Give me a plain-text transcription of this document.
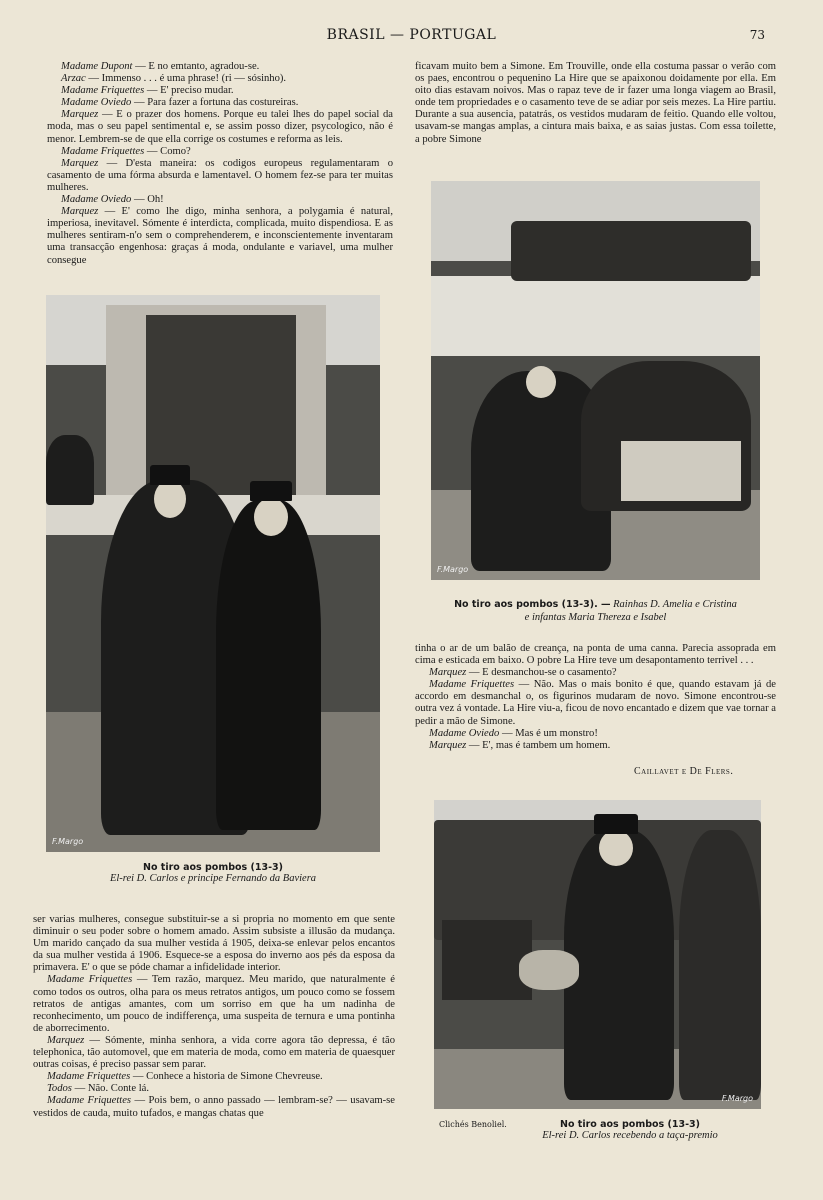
BRASIL — PORTUGAL	73

Madame Dupont — E no emtanto, agradou-se.

Arzac — Immenso . . . é uma phrase! (ri — sósinho).

Madame Friquettes — E' preciso mudar.

Madame Oviedo — Para fazer a fortuna das costureiras.

Marquez — E o prazer dos homens. Porque eu talei lhes do papel social da moda, mas o seu papel sentimental e, se assim posso dizer, psycologico, não é menor. Lembrem-se de que ella corrige os costumes e reforma as leis.

Madame Friquettes — Como?

Marquez — D'esta maneira: os codigos europeus regulamentaram o casamento de uma fórma absurda e lamentavel. O homem fez-se para ter muitas mulheres.

Madame Oviedo — Oh!

Marquez — E' como lhe digo, minha senhora, a polygamia é natural, imperiosa, inevitavel. Sómente é interdicta, complicada, muito dispendiosa. E as mulheres sentiram-n'o sem o comprehenderem, e inconscientemente inventaram uma transacção engenhosa: graças á moda, ondulante e variavel, uma mulher consegue

F.Margo
No tiro aos pombos (13-3)
El-rei D. Carlos e principe Fernando da Baviera

ser varias mulheres, consegue substituir-se a si propria no momento em que sente diminuir o seu poder sobre o homem amado. Assim subsiste a illusão da mudança. Um marido cançado da sua mulher vestida á 1905, deixa-se enlevar pelos encantos da sua mulher vestida á 1906. Esquece-se a esposa do inverno aos pés da esposa da primavera. E' o que se póde chamar a infidelidade interior.

Madame Friquettes — Tem razão, marquez. Meu marido, que naturalmente é como todos os outros, olha para os meus retratos antigos, um pouco como se fossem retratos de antigas amantes, com um sorriso em que ha um nadinha de reconhecimento, um pouco de indifferença, uma suspeita de ternura e uma pontinha de aborrecimento.

Marquez — Sómente, minha senhora, a vida corre agora tão depressa, é tão telephonica, tão automovel, que em materia de moda, como em materia de quaesquer outras coisas, é preciso passar sem parar.

Madame Friquettes — Conhece a historia de Simone Chevreuse.

Todos — Não. Conte lá.

Madame Friquettes — Pois bem, o anno passado — lembram-se? — usavam-se vestidos de cauda, muito tufados, e mangas chatas que

ficavam muito bem a Simone. Em Trouville, onde ella costuma passar o verão com os paes, encontrou o pequenino La Hire que se apaixonou doidamente por ella. Em oito dias estavam noivos. Mas o rapaz teve de ir fazer uma longa viagem ao Brasil, onde tem propriedades e o casamento teve de se adiar por seis mezes. La Hire partiu. Durante a sua ausencia, patatrás, os vestidos mudaram de feitio. Quando elle voltou, usavam-se mangas amplas, a cintura mais baixa, e as saias justas. Com essa toilette, a pobre Simone

F.Margo
No tiro aos pombos (13-3). — Rainhas D. Amelia e Cristina
e infantas Maria Thereza e Isabel

tinha o ar de um balão de creança, na ponta de uma canna. Parecia assoprada em cima e esticada em baixo. O pobre La Hire teve um desapontamento terrivel . . .

Marquez — E desmanchou-se o casamento?

Madame Friquettes — Não. Mas o mais bonito é que, quando estavam já de accordo em desmanchal o, os figurinos mudaram de novo. Simone encontrou-se outra vez á vontade. La Hire viu-a, ficou de novo encantado e dizem que vae tornar a pedir a mão de Simone.

Madame Oviedo — Mas é um monstro!

Marquez — E', mas é tambem um homem.

Caillavet e De Flers.
F.Margo
Clichés Benoliel.	No tiro aos pombos (13-3)
El-rei D. Carlos recebendo a taça-premio
